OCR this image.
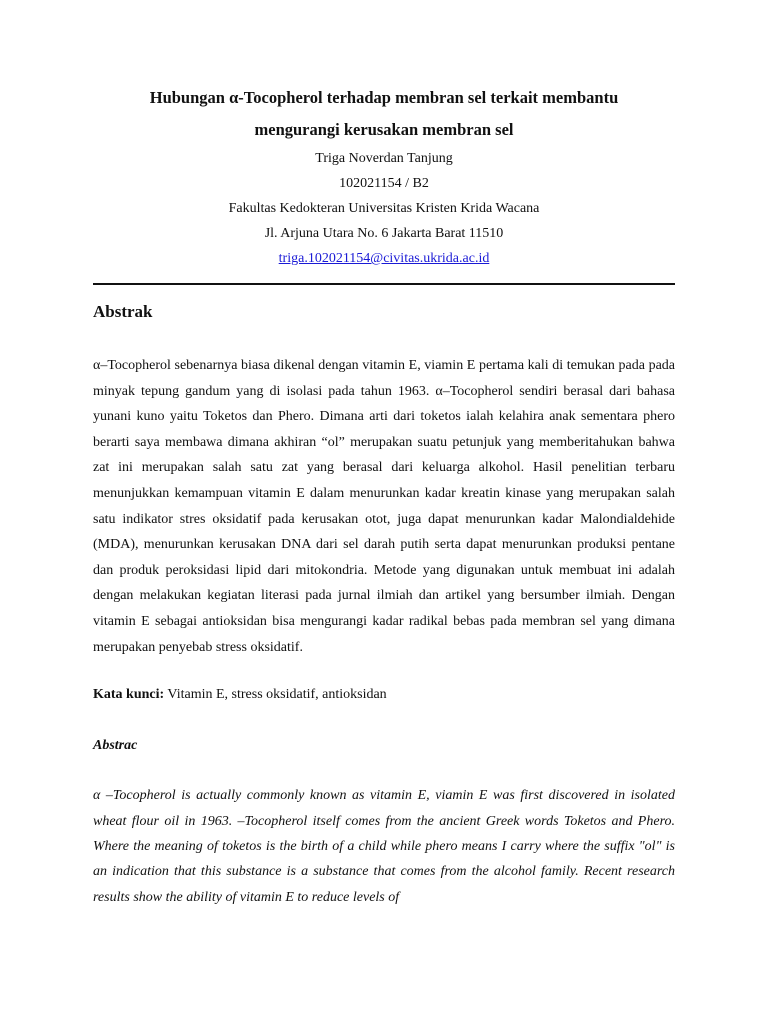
Hubungan α-Tocopherol terhadap membran sel terkait membantu

mengurangi kerusakan membran sel

Triga Noverdan Tanjung

102021154 / B2

Fakultas Kedokteran Universitas Kristen Krida Wacana

Jl. Arjuna Utara No. 6 Jakarta Barat 11510

triga.102021154@civitas.ukrida.ac.id

Abstrak

α–Tocopherol sebenarnya biasa dikenal dengan vitamin E, viamin E pertama kali di temukan pada pada minyak tepung gandum yang di isolasi pada tahun 1963. α–Tocopherol sendiri berasal dari bahasa yunani kuno yaitu Toketos dan Phero. Dimana arti dari toketos ialah kelahira anak sementara phero berarti saya membawa dimana akhiran “ol” merupakan suatu petunjuk yang memberitahukan bahwa zat ini merupakan salah satu zat yang berasal dari keluarga alkohol. Hasil penelitian terbaru menunjukkan kemampuan vitamin E dalam menurunkan kadar kreatin kinase yang merupakan salah satu indikator stres oksidatif pada kerusakan otot, juga dapat menurunkan kadar Malondialdehide (MDA), menurunkan kerusakan DNA dari sel darah putih serta dapat menurunkan produksi pentane dan produk peroksidasi lipid dari mitokondria. Metode yang digunakan untuk membuat ini adalah dengan melakukan kegiatan literasi pada jurnal ilmiah dan artikel yang bersumber ilmiah. Dengan vitamin E sebagai antioksidan bisa mengurangi kadar radikal bebas pada membran sel yang dimana merupakan penyebab stress oksidatif.

Kata kunci: Vitamin E, stress oksidatif, antioksidan

Abstrac

α –Tocopherol is actually commonly known as vitamin E, viamin E was first discovered in isolated wheat flour oil in 1963. –Tocopherol itself comes from the ancient Greek words Toketos and Phero. Where the meaning of toketos is the birth of a child while phero means I carry where the suffix "ol" is an indication that this substance is a substance that comes from the alcohol family. Recent research results show the ability of vitamin E to reduce levels of
